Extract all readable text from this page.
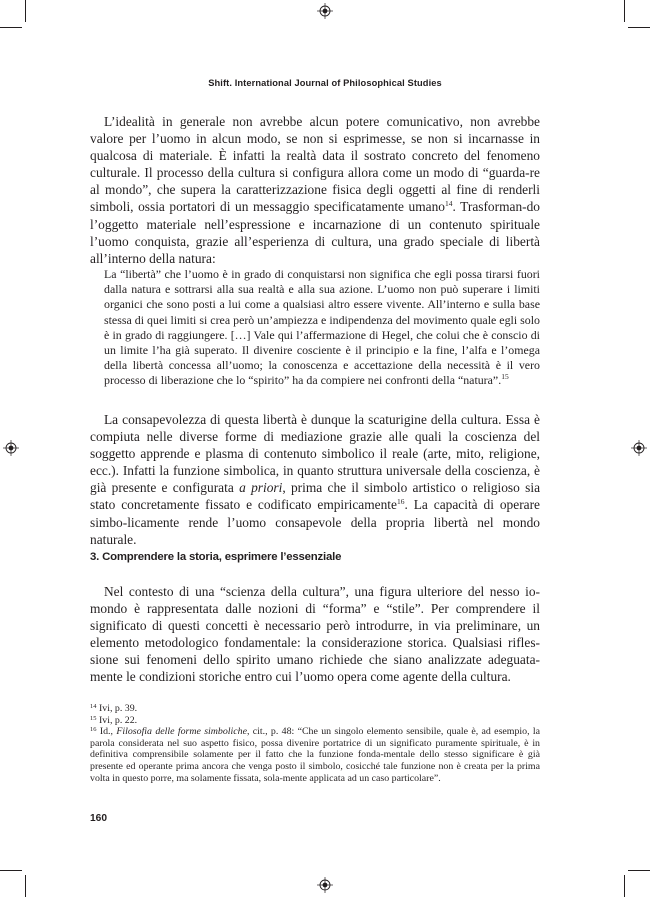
Shift. International Journal of Philosophical Studies

L’idealità in generale non avrebbe alcun potere comunicativo, non avrebbe valore per l’uomo in alcun modo, se non si esprimesse, se non si incarnasse in qualcosa di materiale. È infatti la realtà data il sostrato concreto del fenomeno culturale. Il processo della cultura si configura allora come un modo di “guarda-re al mondo”, che supera la caratterizzazione fisica degli oggetti al fine di renderli simboli, ossia portatori di un messaggio specificatamente umano$^{14}$. Trasforman-do l’oggetto materiale nell’espressione e incarnazione di un contenuto spirituale l’uomo conquista, grazie all’esperienza di cultura, una grado speciale di libertà all’interno della natura:

La “libertà” che l’uomo è in grado di conquistarsi non significa che egli possa tirarsi fuori dalla natura e sottrarsi alla sua realtà e alla sua azione. L’uomo non può superare i limiti organici che sono posti a lui come a qualsiasi altro essere vivente. All’interno e sulla base stessa di quei limiti si crea però un’ampiezza e indipendenza del movimento quale egli solo è in grado di raggiungere. […] Vale qui l’affermazione di Hegel, che colui che è conscio di un limite l’ha già superato. Il divenire cosciente è il principio e la fine, l’alfa e l’omega della libertà concessa all’uomo; la conoscenza e accettazione della necessità è il vero processo di liberazione che lo “spirito” ha da compiere nei confronti della “natura”.$^{15}$

La consapevolezza di questa libertà è dunque la scaturigine della cultura. Essa è compiuta nelle diverse forme di mediazione grazie alle quali la coscienza del soggetto apprende e plasma di contenuto simbolico il reale (arte, mito, religione, ecc.). Infatti la funzione simbolica, in quanto struttura universale della coscienza, è già presente e configurata a priori, prima che il simbolo artistico o religioso sia stato concretamente fissato e codificato empiricamente$^{16}$. La capacità di operare simbo-licamente rende l’uomo consapevole della propria libertà nel mondo naturale.

3. Comprendere la storia, esprimere l’essenziale

Nel contesto di una “scienza della cultura”, una figura ulteriore del nesso io-mondo è rappresentata dalle nozioni di “forma” e “stile”. Per comprendere il significato di questi concetti è necessario però introdurre, in via preliminare, un elemento metodologico fondamentale: la considerazione storica. Qualsiasi rifles-sione sui fenomeni dello spirito umano richiede che siano analizzate adeguata-mente le condizioni storiche entro cui l’uomo opera come agente della cultura.

$^{14}$ Ivi, p. 39.

$^{15}$ Ivi, p. 22.

$^{16}$ Id., Filosofia delle forme simboliche, cit., p. 48: “Che un singolo elemento sensibile, quale è, ad esempio, la parola considerata nel suo aspetto fisico, possa divenire portatrice di un significato puramente spirituale, è in definitiva comprensibile solamente per il fatto che la funzione fonda-mentale dello stesso significare è già presente ed operante prima ancora che venga posto il simbolo, cosicché tale funzione non è creata per la prima volta in questo porre, ma solamente fissata, sola-mente applicata ad un caso particolare”.

160
